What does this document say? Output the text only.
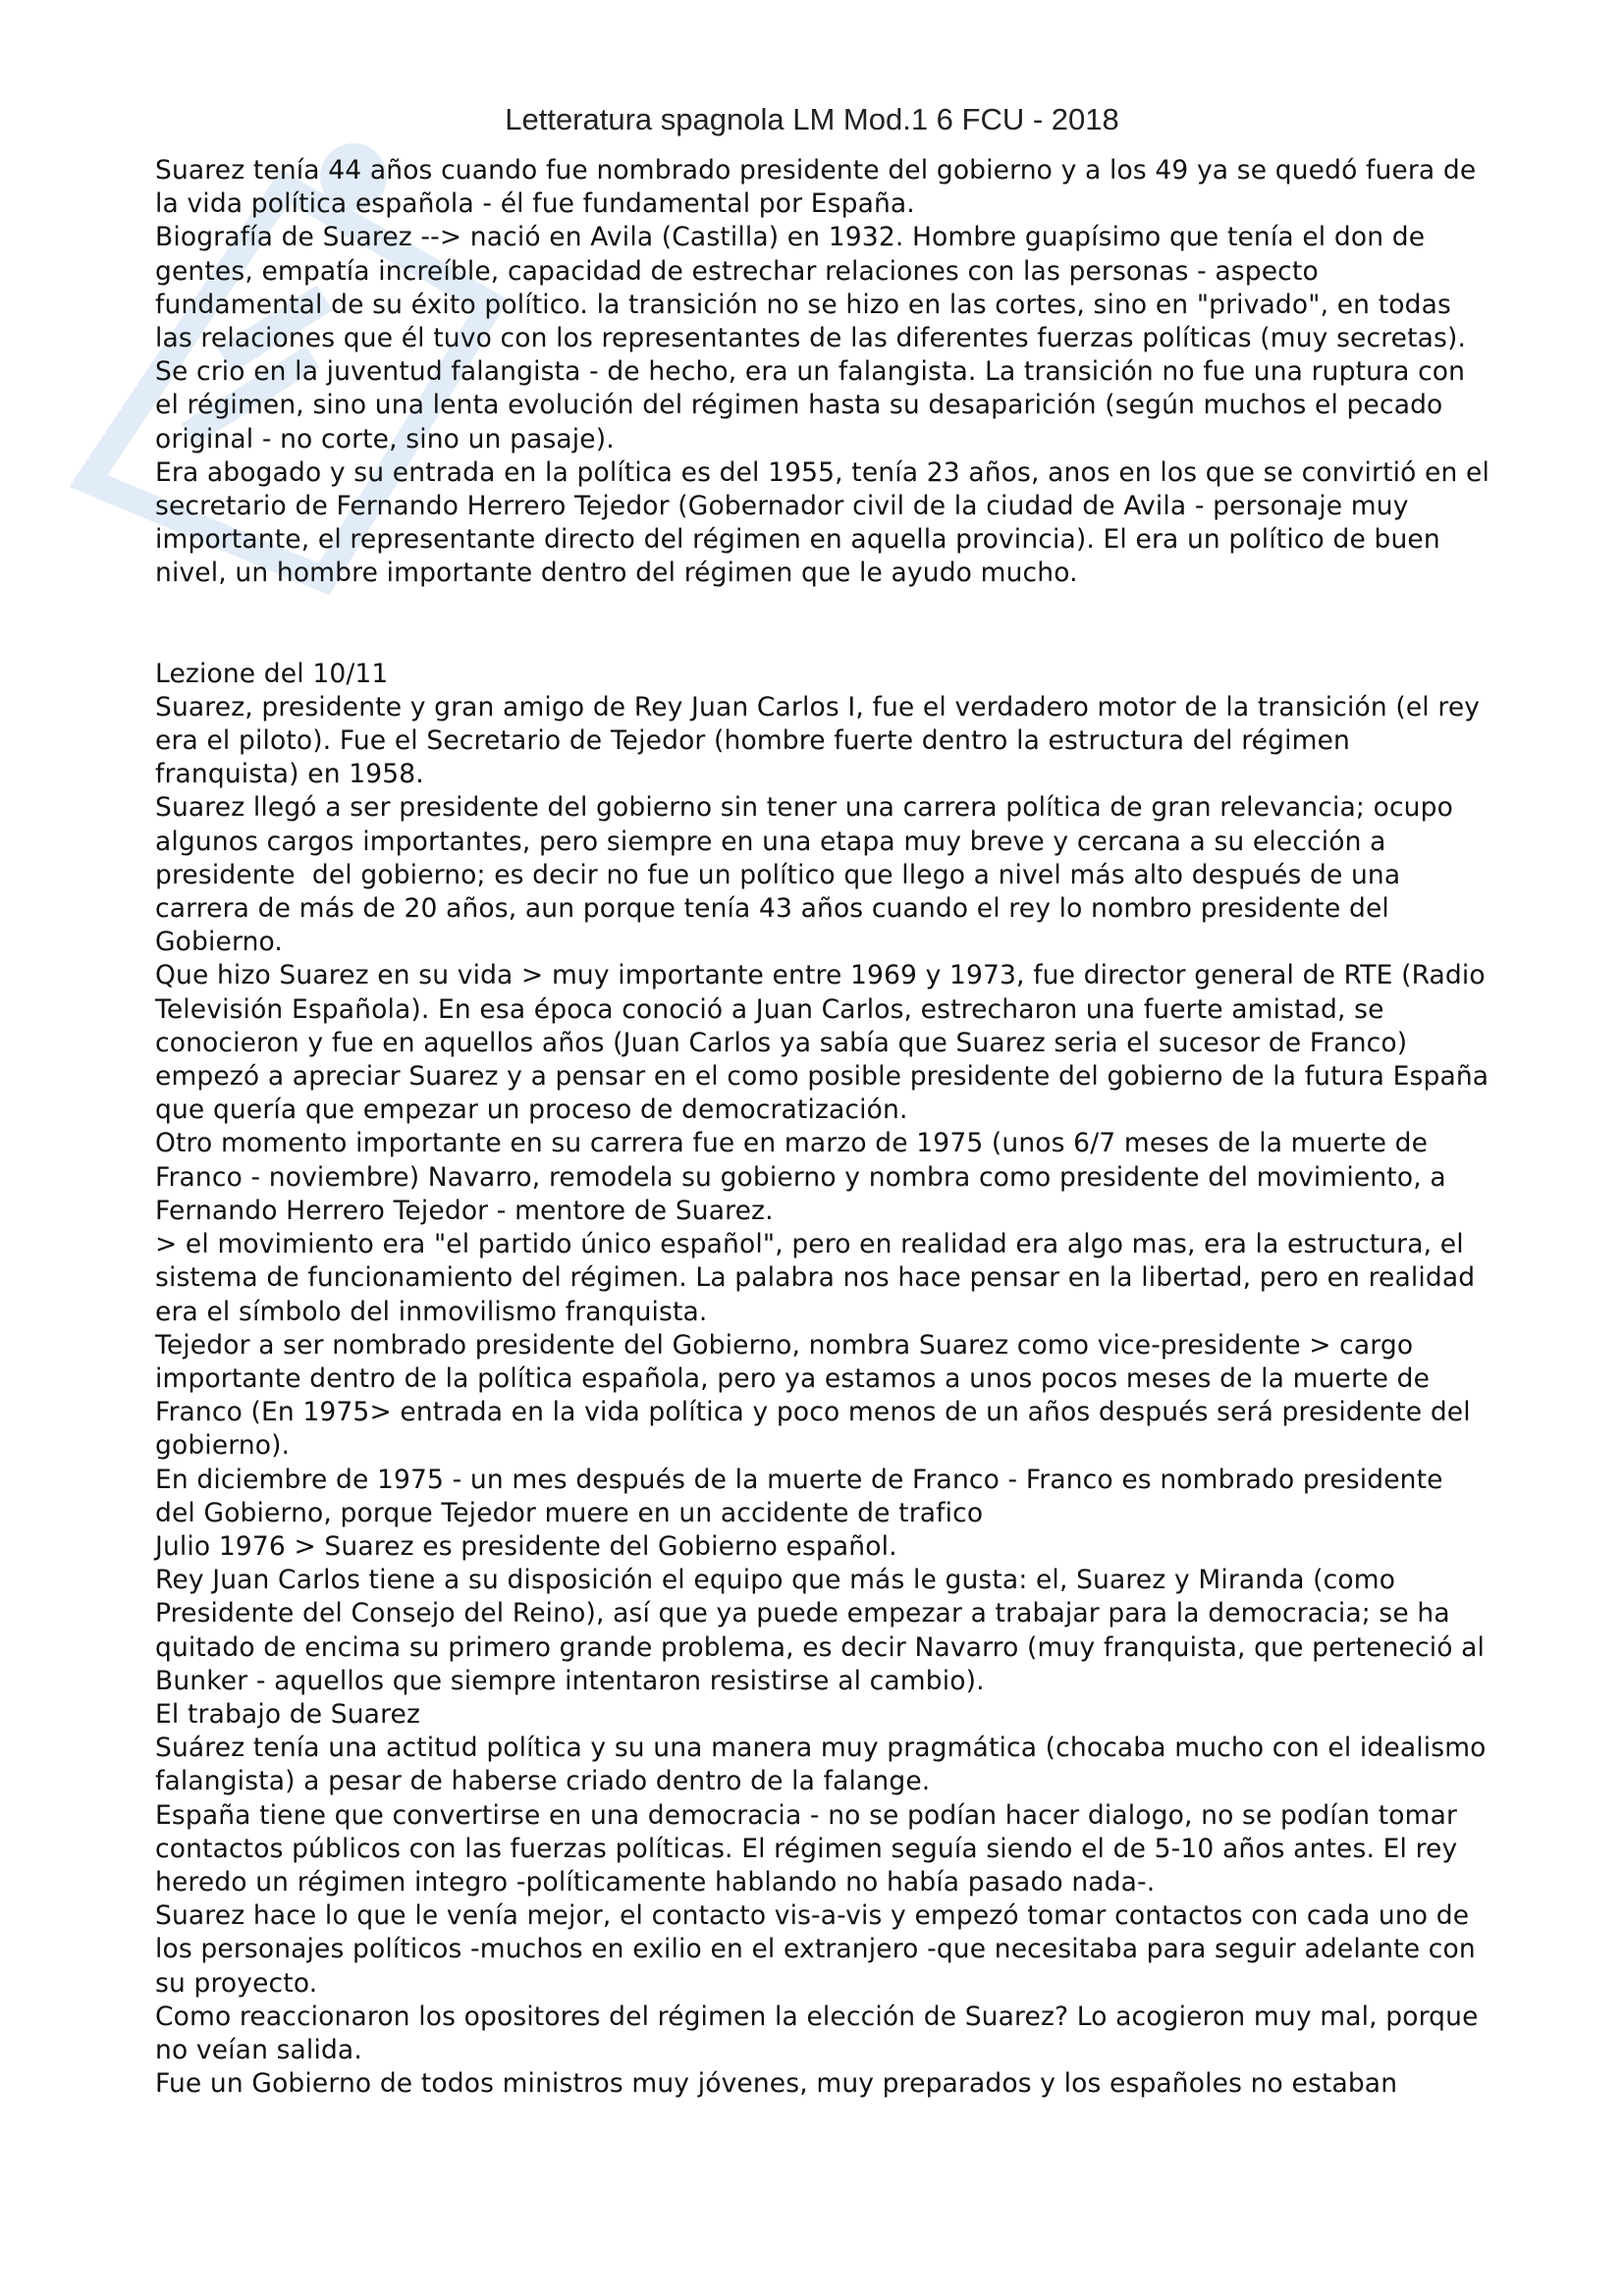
Letteratura spagnola LM Mod.1 6 FCU - 2018

Suarez tenía 44 años cuando fue nombrado presidente del gobierno y a los 49 ya se quedó fuera de la vida política española - él fue fundamental por España.

Biografía de Suarez --> nació en Avila (Castilla) en 1932. Hombre guapísimo que tenía el don de gentes, empatía increíble, capacidad de estrechar relaciones con las personas - aspecto fundamental de su éxito político. la transición no se hizo en las cortes, sino en "privado", en todas las relaciones que él tuvo con los representantes de las diferentes fuerzas políticas (muy secretas).

Se crio en la juventud falangista - de hecho, era un falangista. La transición no fue una ruptura con el régimen, sino una lenta evolución del régimen hasta su desaparición (según muchos el pecado original - no corte, sino un pasaje).

Era abogado y su entrada en la política es del 1955, tenía 23 años, anos en los que se convirtió en el secretario de Fernando Herrero Tejedor (Gobernador civil de la ciudad de Avila - personaje muy importante, el representante directo del régimen en aquella provincia). El era un político de buen nivel, un hombre importante dentro del régimen que le ayudo mucho.

Lezione del 10/11

Suarez, presidente y gran amigo de Rey Juan Carlos I, fue el verdadero motor de la transición (el rey era el piloto). Fue el Secretario de Tejedor (hombre fuerte dentro la estructura del régimen franquista) en 1958.

Suarez llegó a ser presidente del gobierno sin tener una carrera política de gran relevancia; ocupo algunos cargos importantes, pero siempre en una etapa muy breve y cercana a su elección a presidente  del gobierno; es decir no fue un político que llego a nivel más alto después de una carrera de más de 20 años, aun porque tenía 43 años cuando el rey lo nombro presidente del Gobierno.

Que hizo Suarez en su vida > muy importante entre 1969 y 1973, fue director general de RTE (Radio  Televisión Española). En esa época conoció a Juan Carlos, estrecharon una fuerte amistad, se conocieron y fue en aquellos años (Juan Carlos ya sabía que Suarez seria el sucesor de Franco) empezó a apreciar Suarez y a pensar en el como posible presidente del gobierno de la futura España que quería que empezar un proceso de democratización.

Otro momento importante en su carrera fue en marzo de 1975 (unos 6/7 meses de la muerte de Franco - noviembre) Navarro, remodela su gobierno y nombra como presidente del movimiento, a Fernando Herrero Tejedor - mentore de Suarez.

> el movimiento era "el partido único español", pero en realidad era algo mas, era la estructura, el sistema de funcionamiento del régimen. La palabra nos hace pensar en la libertad, pero en realidad era el símbolo del inmovilismo franquista.

Tejedor a ser nombrado presidente del Gobierno, nombra Suarez como vice-presidente > cargo importante dentro de la política española, pero ya estamos a unos pocos meses de la muerte de Franco (En 1975> entrada en la vida política y poco menos de un años después será presidente del gobierno).

En diciembre de 1975 - un mes después de la muerte de Franco - Franco es nombrado presidente del Gobierno, porque Tejedor muere en un accidente de trafico

Julio 1976 > Suarez es presidente del Gobierno español.

Rey Juan Carlos tiene a su disposición el equipo que más le gusta: el, Suarez y Miranda (como Presidente del Consejo del Reino), así que ya puede empezar a trabajar para la democracia; se ha quitado de encima su primero grande problema, es decir Navarro (muy franquista, que perteneció al Bunker - aquellos que siempre intentaron resistirse al cambio).

El trabajo de Suarez

Suárez tenía una actitud política y su una manera muy pragmática (chocaba mucho con el idealismo falangista) a pesar de haberse criado dentro de la falange.

España tiene que convertirse en una democracia - no se podían hacer dialogo, no se podían tomar contactos públicos con las fuerzas políticas. El régimen seguía siendo el de 5-10 años antes. El rey heredo un régimen integro -políticamente hablando no había pasado nada-.

Suarez hace lo que le venía mejor, el contacto vis-a-vis y empezó tomar contactos con cada uno de los personajes políticos -muchos en exilio en el extranjero -que necesitaba para seguir adelante con su proyecto.

Como reaccionaron los opositores del régimen la elección de Suarez? Lo acogieron muy mal, porque no veían salida.

Fue un Gobierno de todos ministros muy jóvenes, muy preparados y los españoles no estaban
